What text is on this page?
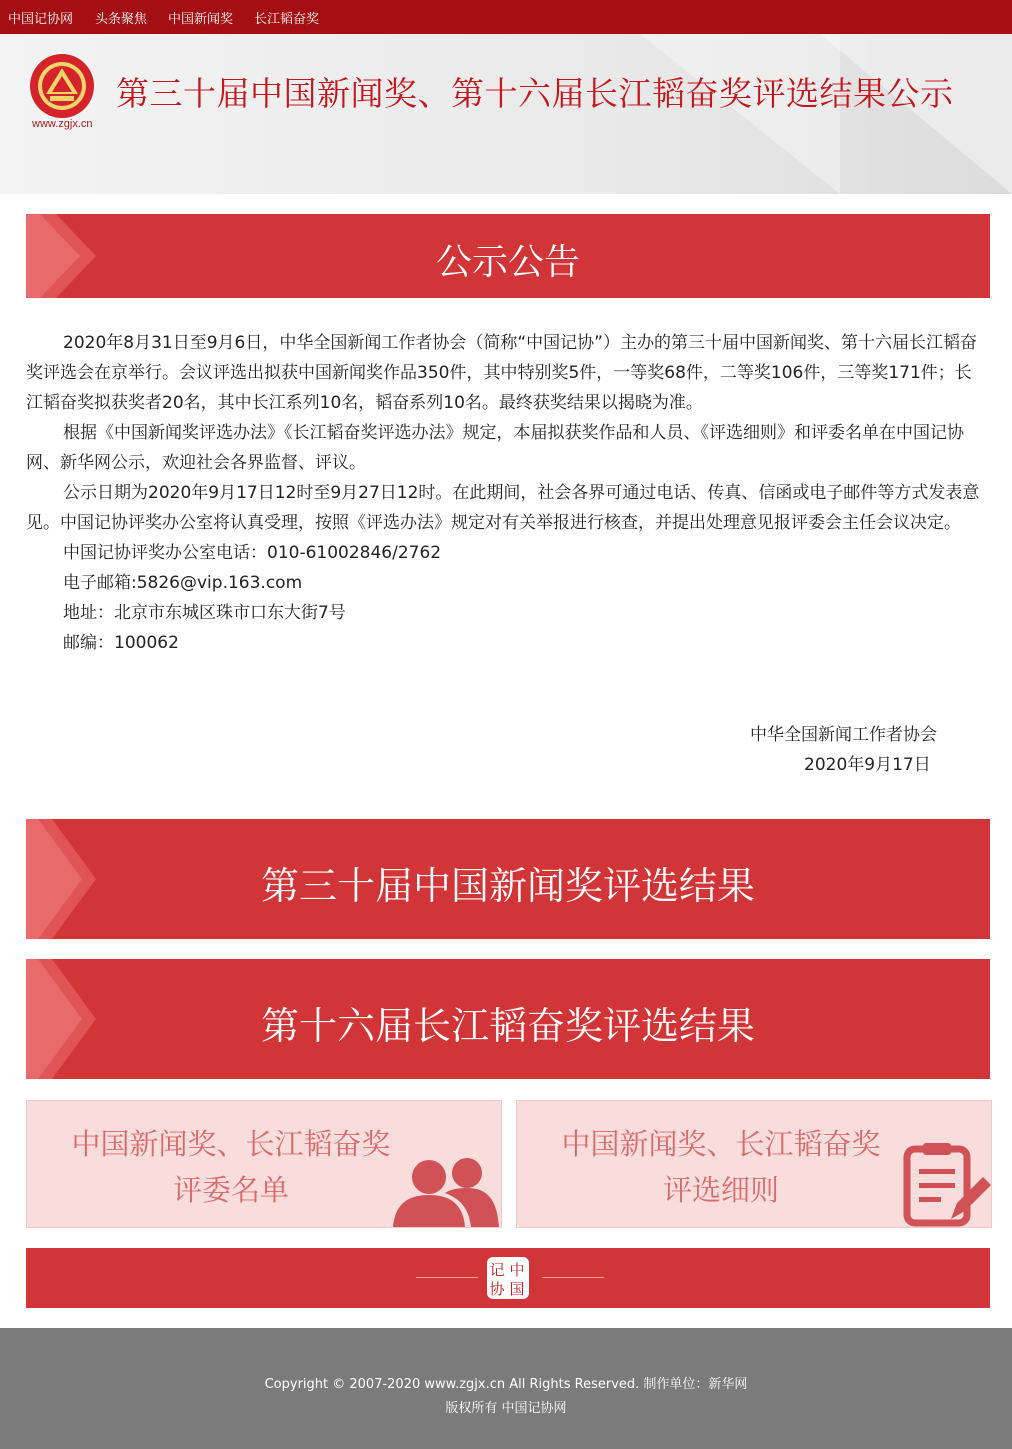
中国记协网 头条聚焦 中国新闻奖 长江韬奋奖
www.zgjx.cn
第三十届中国新闻奖、第十六届长江韬奋奖评选结果公示
公示公告

2020年8月31日至9月6日，中华全国新闻工作者协会（简称“中国记协”）主办的第三十届中国新闻奖、第十六届长江韬奋奖评选会在京举行。会议评选出拟获中国新闻奖作品350件，其中特别奖5件，一等奖68件，二等奖106件，三等奖171件；长江韬奋奖拟获奖者20名，其中长江系列10名，韬奋系列10名。最终获奖结果以揭晓为准。

根据《中国新闻奖评选办法》《长江韬奋奖评选办法》规定，本届拟获奖作品和人员、《评选细则》和评委名单在中国记协网、新华网公示，欢迎社会各界监督、评议。

公示日期为2020年9月17日12时至9月27日12时。在此期间，社会各界可通过电话、传真、信函或电子邮件等方式发表意见。中国记协评奖办公室将认真受理，按照《评选办法》规定对有关举报进行核查，并提出处理意见报评委会主任会议决定。

中国记协评奖办公室电话：010-61002846/2762
电子邮箱:5826@vip.163.com
地址：北京市东城区珠市口东大街7号
邮编：100062
中华全国新闻工作者协会
2020年9月17日
第三十届中国新闻奖评选结果
第十六届长江韬奋奖评选结果
中国新闻奖、长江韬奋奖
评委名单
中国新闻奖、长江韬奋奖
评选细则
记 中
协 国
Copyright © 2007-2020 www.zgjx.cn All Rights Reserved. 制作单位：新华网
版权所有 中国记协网
